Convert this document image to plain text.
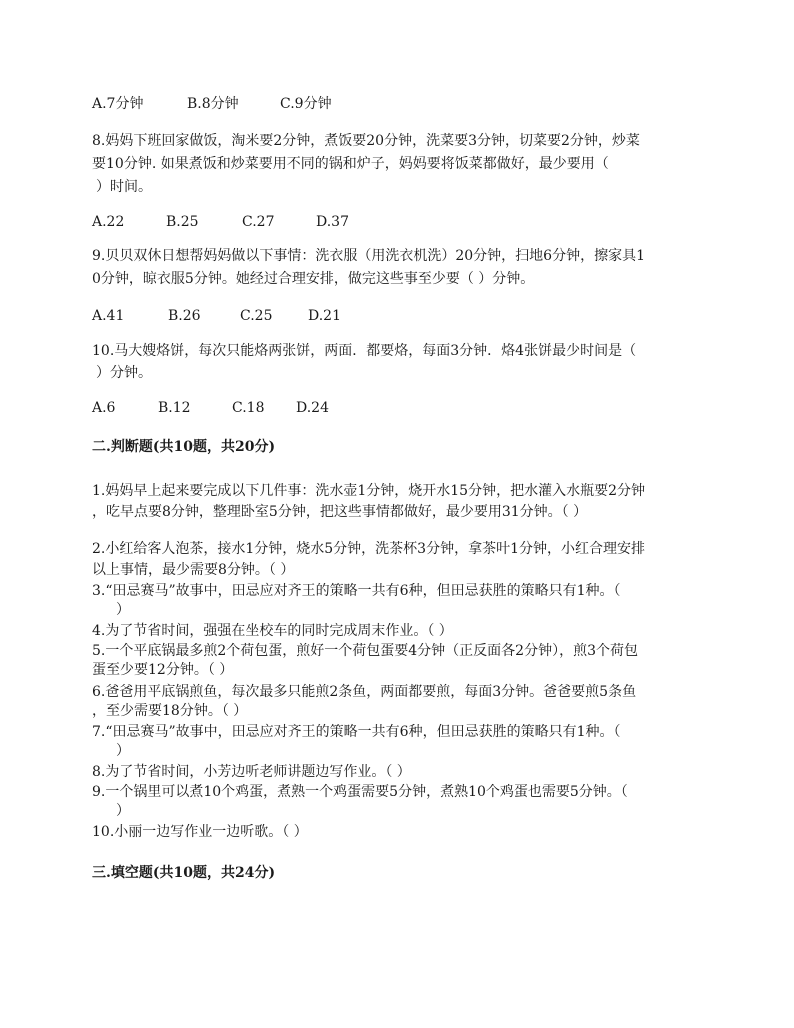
A.7分钟	B.8分钟	C.9分钟
8.妈妈下班回家做饭，淘米要2分钟，煮饭要20分钟，洗菜要3分钟，切菜要2分钟，炒菜
要10分钟. 如果煮饭和炒菜要用不同的锅和炉子，妈妈要将饭菜都做好，最少要用（
）时间。
A.22	B.25	C.27	D.37
9.贝贝双休日想帮妈妈做以下事情：洗衣服（用洗衣机洗）20分钟，扫地6分钟，擦家具1
0分钟，晾衣服5分钟。她经过合理安排，做完这些事至少要（ ）分钟。
A.41	B.26	C.25	D.21
10.马大嫂烙饼，每次只能烙两张饼，两面．都要烙，每面3分钟．烙4张饼最少时间是（
）分钟。
A.6	B.12	C.18 D.24
二.判断题(共10题，共20分)
1.妈妈早上起来要完成以下几件事：洗水壶1分钟，烧开水15分钟，把水灌入水瓶要2分钟
，吃早点要8分钟，整理卧室5分钟，把这些事情都做好，最少要用31分钟。（ ）
2.小红给客人泡茶，接水1分钟，烧水5分钟，洗茶杯3分钟，拿茶叶1分钟，小红合理安排
以上事情，最少需要8分钟。（ ）
3.“田忌赛马”故事中，田忌应对齐王的策略一共有6种，但田忌获胜的策略只有1种。（
）
4.为了节省时间，强强在坐校车的同时完成周末作业。（ ）
5.一个平底锅最多煎2个荷包蛋，煎好一个荷包蛋要4分钟（正反面各2分钟），煎3个荷包
蛋至少要12分钟。（ ）
6.爸爸用平底锅煎鱼，每次最多只能煎2条鱼，两面都要煎，每面3分钟。爸爸要煎5条鱼
，至少需要18分钟。（ ）
7.“田忌赛马”故事中，田忌应对齐王的策略一共有6种，但田忌获胜的策略只有1种。（
）
8.为了节省时间，小芳边听老师讲题边写作业。（ ）
9.一个锅里可以煮10个鸡蛋，煮熟一个鸡蛋需要5分钟，煮熟10个鸡蛋也需要5分钟。（
）
10.小丽一边写作业一边听歌。（ ）
三.填空题(共10题，共24分)
